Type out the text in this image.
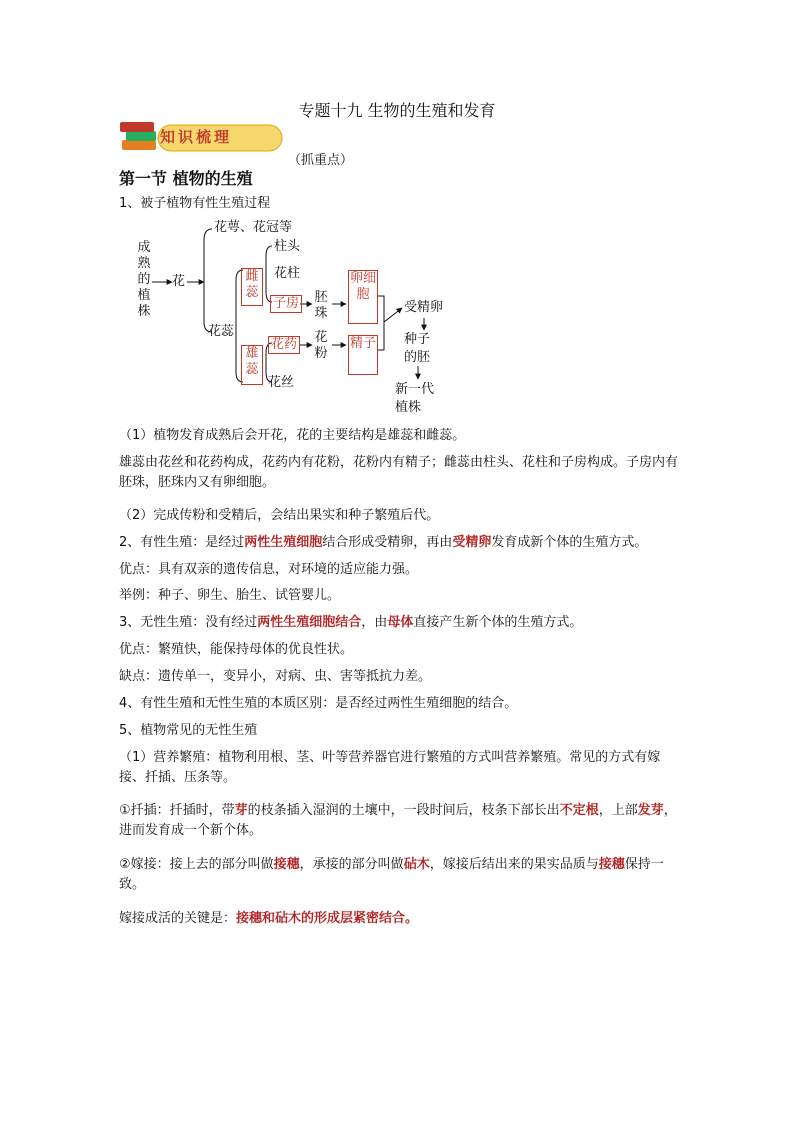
专题十九 生物的生殖和发育
知识梳理
（抓重点）
第一节 植物的生殖
1、被子植物有性生殖过程
成熟的植株
花
花萼、花冠等
花蕊
雌蕊
柱头
花柱
子房 胚珠
卵细胞
雄蕊
花药
花丝
花粉
精子
受精卵
种子的胚
新一代植株
（1）植物发育成熟后会开花，花的主要结构是雄蕊和雌蕊。
雄蕊由花丝和花药构成，花药内有花粉，花粉内有精子；雌蕊由柱头、花柱和子房构成。子房内有胚珠，胚珠内又有卵细胞。
（2）完成传粉和受精后，会结出果实和种子繁殖后代。
2、有性生殖：是经过两性生殖细胞结合形成受精卵，再由受精卵发育成新个体的生殖方式。
优点：具有双亲的遗传信息，对环境的适应能力强。
举例：种子、卵生、胎生、试管婴儿。
3、无性生殖：没有经过两性生殖细胞结合，由母体直接产生新个体的生殖方式。
优点：繁殖快，能保持母体的优良性状。
缺点：遗传单一，变异小，对病、虫、害等抵抗力差。
4、有性生殖和无性生殖的本质区别：是否经过两性生殖细胞的结合。
5、植物常见的无性生殖
（1）营养繁殖：植物利用根、茎、叶等营养器官进行繁殖的方式叫营养繁殖。常见的方式有嫁接、扦插、压条等。
①扦插：扦插时，带芽的枝条插入湿润的土壤中，一段时间后，枝条下部长出不定根，上部发芽，进而发育成一个新个体。
②嫁接：接上去的部分叫做接穗，承接的部分叫做砧木，嫁接后结出来的果实品质与接穗保持一致。
嫁接成活的关键是：接穗和砧木的形成层紧密结合。
